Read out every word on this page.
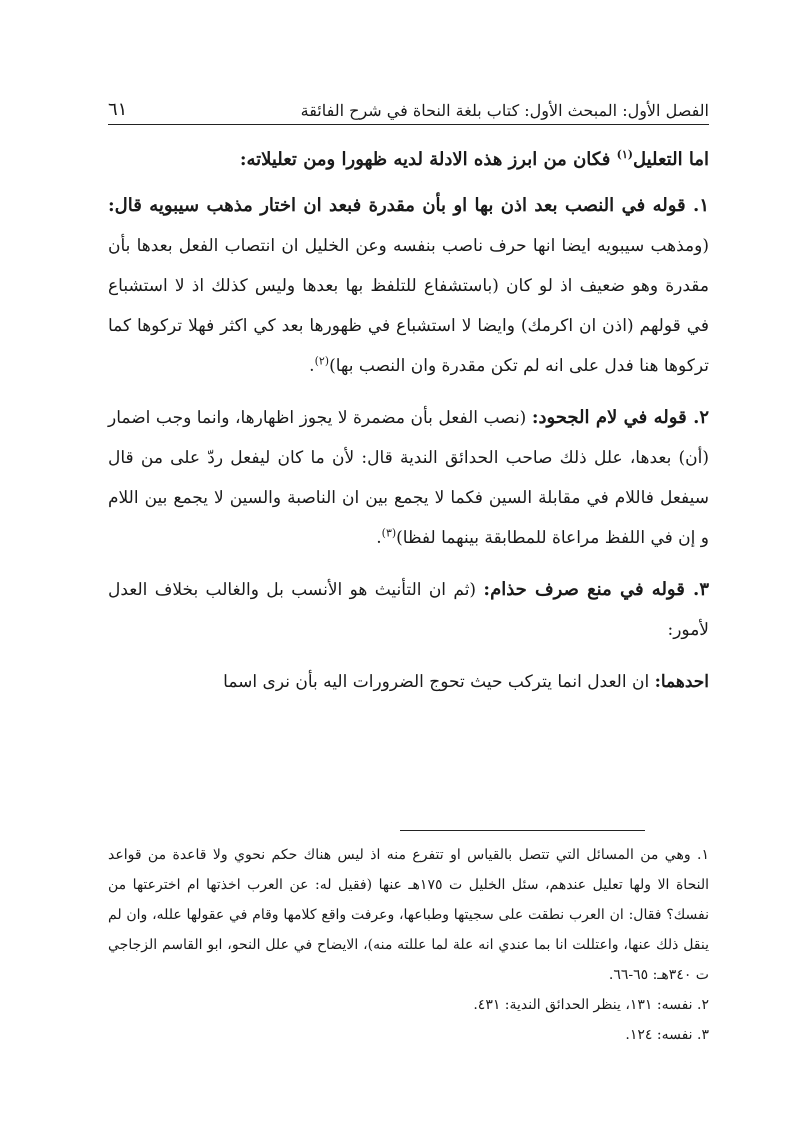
الفصل الأول: المبحث الأول: كتاب بلغة النحاة في شرح الفائقة
٦١

اما التعليل$^{(١)}$ فكان من ابرز هذه الادلة لديه ظهورا ومن تعليلاته:

١. قوله في النصب بعد اذن بها او بأن مقدرة فبعد ان اختار مذهب سيبويه قال: (ومذهب سيبويه ايضا انها حرف ناصب بنفسه وعن الخليل ان انتصاب الفعل بعدها بأن مقدرة وهو ضعيف اذ لو كان (باستشفاع للتلفظ بها بعدها وليس كذلك اذ لا استشباع في قولهم (اذن ان اكرمك) وايضا لا استشباع في ظهورها بعد كي اكثر فهلا تركوها كما تركوها هنا فدل على انه لم تكن مقدرة وان النصب بها)$^{(٢)}$.

٢. قوله في لام الجحود: (نصب الفعل بأن مضمرة لا يجوز اظهارها، وانما وجب اضمار (أن) بعدها، علل ذلك صاحب الحدائق الندية قال: لأن ما كان ليفعل ردّ على من قال سيفعل فاللام في مقابلة السين فكما لا يجمع بين ان الناصبة والسين لا يجمع بين اللام و إن في اللفظ مراعاة للمطابقة بينهما لفظا)$^{(٣)}$.

٣. قوله في منع صرف حذام: (ثم ان التأنيث هو الأنسب بل والغالب بخلاف العدل لأمور:

احدهما: ان العدل انما يتركب حيث تحوج الضرورات اليه بأن نرى اسما

١. وهي من المسائل التي تتصل بالقياس او تتفرع منه اذ ليس هناك حكم نحوي ولا قاعدة من قواعد النحاة الا ولها تعليل عندهم، سئل الخليل ت ١٧٥هـ عنها (فقيل له: عن العرب اخذتها ام اخترعتها من نفسك؟ فقال: ان العرب نطقت على سجيتها وطباعها، وعرفت واقع كلامها وقام في عقولها علله، وان لم ينقل ذلك عنها، واعتللت انا بما عندي انه علة لما عللته منه)، الايضاح في علل النحو، ابو القاسم الزجاجي ت ٣٤٠هـ: ٦٥-٦٦.

٢. نفسه: ١٣١، ينظر الحدائق الندية: ٤٣١.

٣. نفسه: ١٢٤.
